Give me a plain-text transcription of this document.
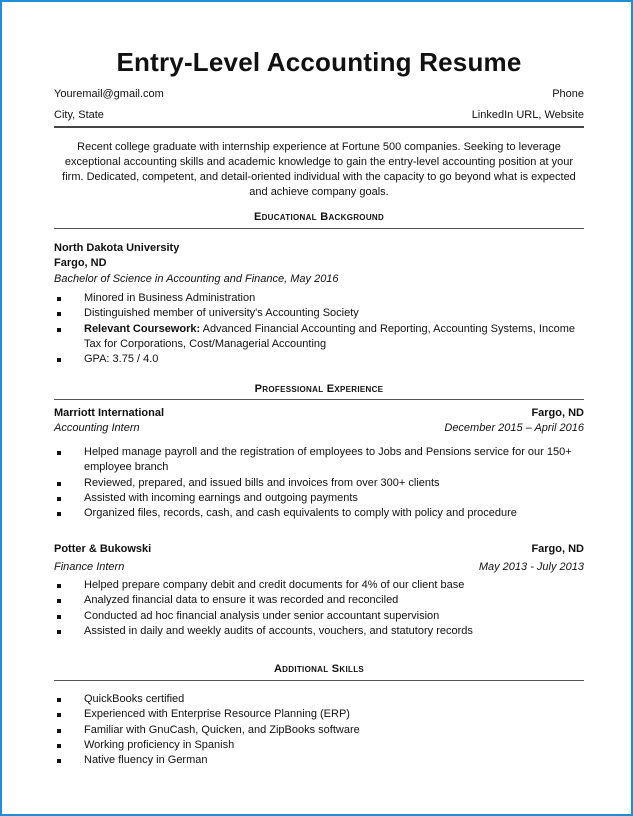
Entry-Level Accounting Resume
Youremail@gmail.com	Phone
City, State	LinkedIn URL, Website
Recent college graduate with internship experience at Fortune 500 companies. Seeking to leverage exceptional accounting skills and academic knowledge to gain the entry-level accounting position at your firm. Dedicated, competent, and detail-oriented individual with the capacity to go beyond what is expected and achieve company goals.
Educational Background
North Dakota University
Fargo, ND
Bachelor of Science in Accounting and Finance, May 2016
Minored in Business Administration
Distinguished member of university's Accounting Society
Relevant Coursework: Advanced Financial Accounting and Reporting, Accounting Systems, Income Tax for Corporations, Cost/Managerial Accounting
GPA: 3.75 / 4.0
Professional Experience
Marriott International	Fargo, ND
Accounting Intern	December 2015 – April 2016
Helped manage payroll and the registration of employees to Jobs and Pensions service for our 150+ employee branch
Reviewed, prepared, and issued bills and invoices from over 300+ clients
Assisted with incoming earnings and outgoing payments
Organized files, records, cash, and cash equivalents to comply with policy and procedure
Potter & Bukowski	Fargo, ND
Finance Intern	May 2013 - July 2013
Helped prepare company debit and credit documents for 4% of our client base
Analyzed financial data to ensure it was recorded and reconciled
Conducted ad hoc financial analysis under senior accountant supervision
Assisted in daily and weekly audits of accounts, vouchers, and statutory records
Additional Skills
QuickBooks certified
Experienced with Enterprise Resource Planning (ERP)
Familiar with GnuCash, Quicken, and ZipBooks software
Working proficiency in Spanish
Native fluency in German
